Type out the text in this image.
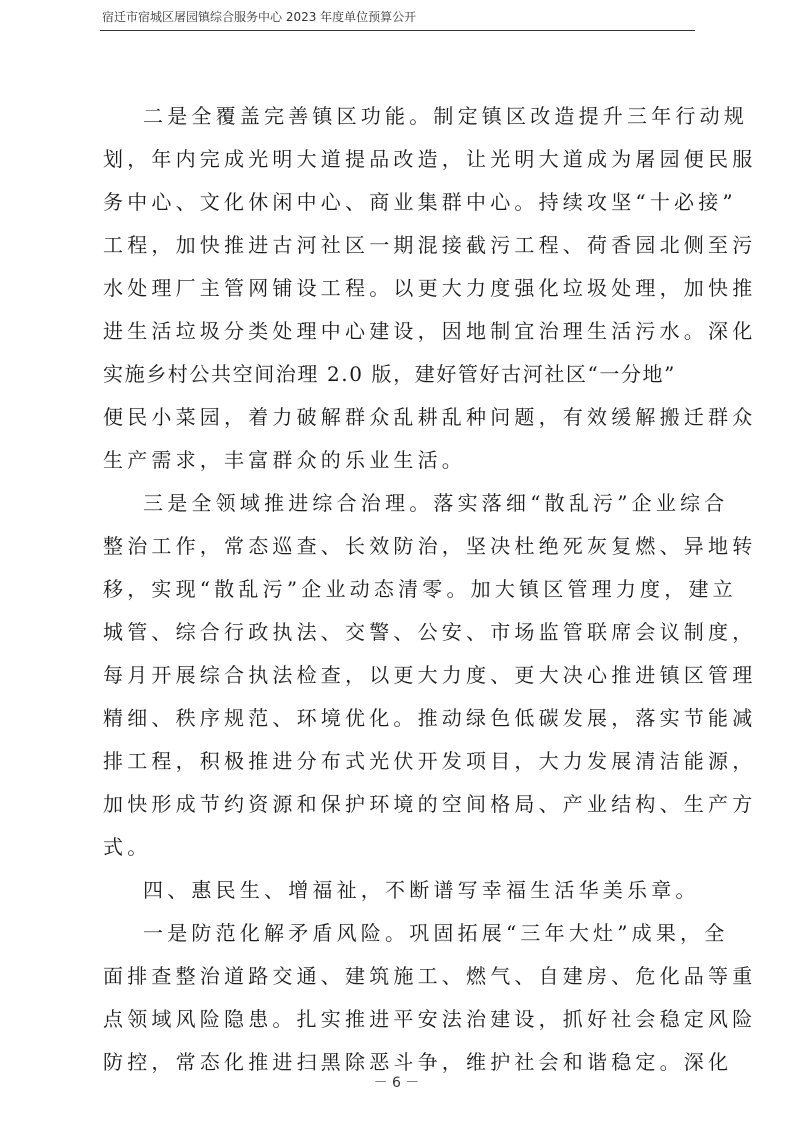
宿迁市宿城区屠园镇综合服务中心 2023 年度单位预算公开
二是全覆盖完善镇区功能。制定镇区改造提升三年行动规
划，年内完成光明大道提品改造，让光明大道成为屠园便民服
务中心、文化休闲中心、商业集群中心。持续攻坚“十必接”
工程，加快推进古河社区一期混接截污工程、荷香园北侧至污
水处理厂主管网铺设工程。以更大力度强化垃圾处理，加快推
进生活垃圾分类处理中心建设，因地制宜治理生活污水。深化
实施乡村公共空间治理 2.0 版，建好管好古河社区“一分地”
便民小菜园，着力破解群众乱耕乱种问题，有效缓解搬迁群众
生产需求，丰富群众的乐业生活。
三是全领域推进综合治理。落实落细“散乱污”企业综合
整治工作，常态巡查、长效防治，坚决杜绝死灰复燃、异地转
移，实现“散乱污”企业动态清零。加大镇区管理力度，建立
城管、综合行政执法、交警、公安、市场监管联席会议制度，
每月开展综合执法检查，以更大力度、更大决心推进镇区管理
精细、秩序规范、环境优化。推动绿色低碳发展，落实节能减
排工程，积极推进分布式光伏开发项目，大力发展清洁能源，
加快形成节约资源和保护环境的空间格局、产业结构、生产方
式。
四、惠民生、增福祉，不断谱写幸福生活华美乐章。
一是防范化解矛盾风险。巩固拓展“三年大灶”成果，全
面排查整治道路交通、建筑施工、燃气、自建房、危化品等重
点领域风险隐患。扎实推进平安法治建设，抓好社会稳定风险
防控，常态化推进扫黑除恶斗争，维护社会和谐稳定。深化
－ 6 －
